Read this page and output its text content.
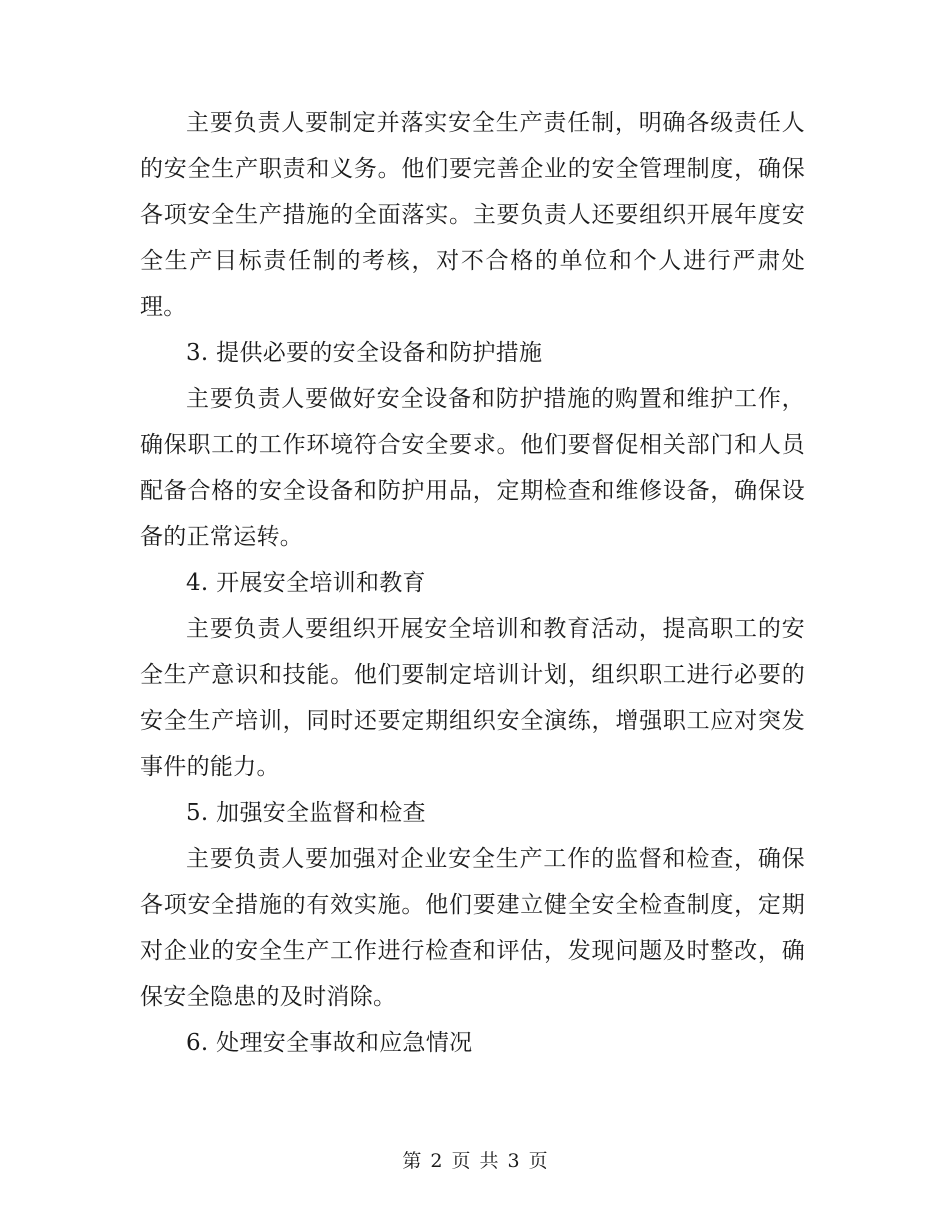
主要负责人要制定并落实安全生产责任制，明确各级责任人的安全生产职责和义务。他们要完善企业的安全管理制度，确保各项安全生产措施的全面落实。主要负责人还要组织开展年度安全生产目标责任制的考核，对不合格的单位和个人进行严肃处理。

3. 提供必要的安全设备和防护措施

主要负责人要做好安全设备和防护措施的购置和维护工作，确保职工的工作环境符合安全要求。他们要督促相关部门和人员配备合格的安全设备和防护用品，定期检查和维修设备，确保设备的正常运转。

4. 开展安全培训和教育

主要负责人要组织开展安全培训和教育活动，提高职工的安全生产意识和技能。他们要制定培训计划，组织职工进行必要的安全生产培训，同时还要定期组织安全演练，增强职工应对突发事件的能力。

5. 加强安全监督和检查

主要负责人要加强对企业安全生产工作的监督和检查，确保各项安全措施的有效实施。他们要建立健全安全检查制度，定期对企业的安全生产工作进行检查和评估，发现问题及时整改，确保安全隐患的及时消除。

6. 处理安全事故和应急情况

第 2 页 共 3 页
